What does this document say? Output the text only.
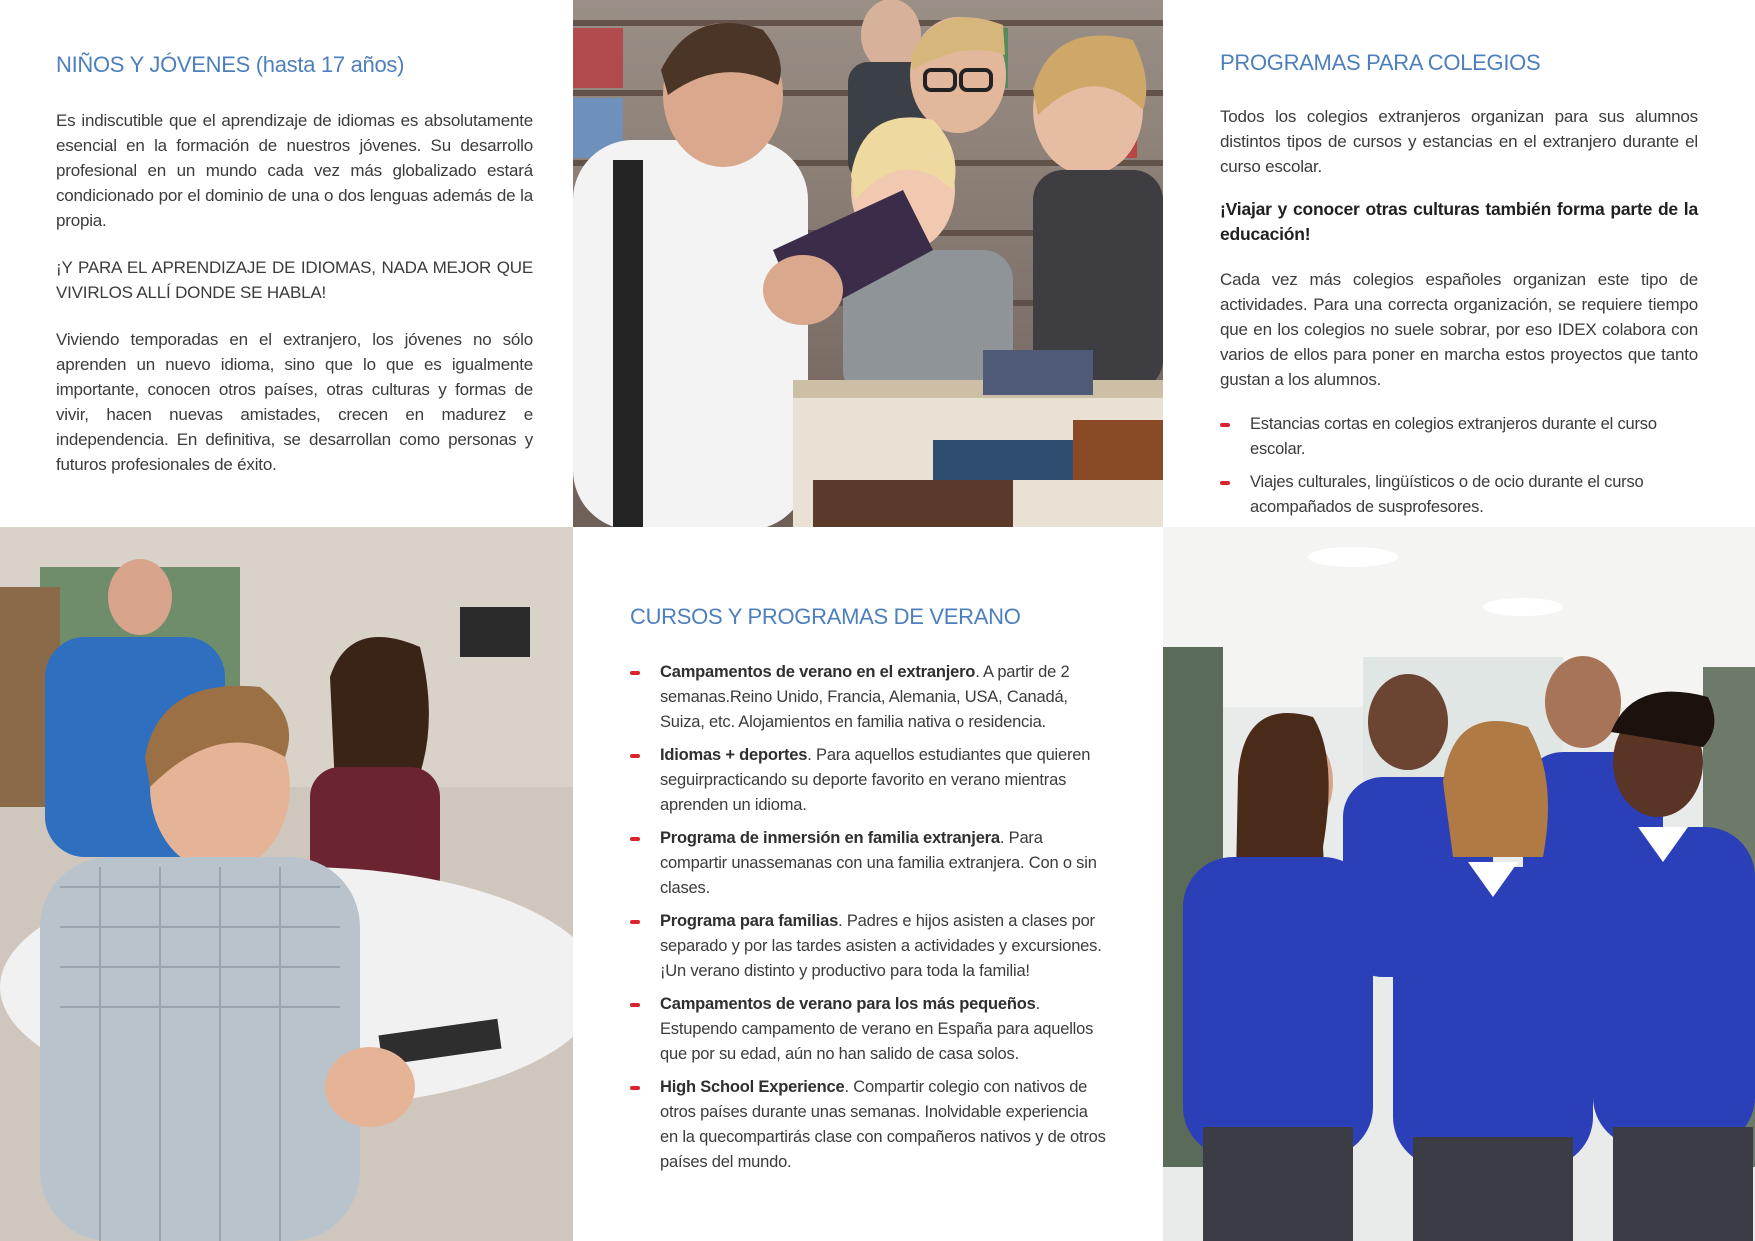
NIÑOS Y JÓVENES (hasta 17 años)

Es indiscutible que el aprendizaje de idiomas es absolutamente esencial en la formación de nuestros jóvenes. Su desarrollo profesional en un mundo cada vez más globalizado estará condicionado por el dominio de una o dos lenguas además de la propia.

¡Y PARA EL APRENDIZAJE DE IDIOMAS, NADA MEJOR QUE VIVIRLOS ALLÍ DONDE SE HABLA!

Viviendo temporadas en el extranjero, los jóvenes no sólo aprenden un nuevo idioma, sino que lo que es igualmente importante, conocen otros países, otras culturas y formas de vivir, hacen nuevas amistades, crecen en madurez e independencia. En definitiva, se desarrollan como personas y futuros profesionales de éxito.

PROGRAMAS PARA COLEGIOS

Todos los colegios extranjeros organizan para sus alumnos distintos tipos de cursos y estancias en el extranjero durante el curso escolar.

¡Viajar y conocer otras culturas también forma parte de la educación!

Cada vez más colegios españoles organizan este tipo de actividades. Para una correcta organización, se requiere tiempo que en los colegios no suele sobrar, por eso IDEX colabora con varios de ellos para poner en marcha estos proyectos que tanto gustan a los alumnos.

Estancias cortas en colegios extranjeros durante el curso escolar.
Viajes culturales, lingüísticos o de ocio durante el curso acompañados de susprofesores.
CURSOS Y PROGRAMAS DE VERANO
Campamentos de verano en el extranjero. A partir de 2 semanas.Reino Unido, Francia, Alemania, USA, Canadá, Suiza, etc. Alojamientos en familia nativa o residencia.
Idiomas + deportes. Para aquellos estudiantes que quieren seguirpracticando su deporte favorito en verano mientras aprenden un idioma.
Programa de inmersión en familia extranjera. Para compartir unassemanas con una familia extranjera. Con o sin clases.
Programa para familias. Padres e hijos asisten a clases por separado y por las tardes asisten a actividades y excursiones. ¡Un verano distinto y productivo para toda la familia!
Campamentos de verano para los más pequeños. Estupendo campamento de verano en España para aquellos que por su edad, aún no han salido de casa solos.
High School Experience. Compartir colegio con nativos de otros países durante unas semanas. Inolvidable experiencia en la quecompartirás clase con compañeros nativos y de otros países del mundo.
